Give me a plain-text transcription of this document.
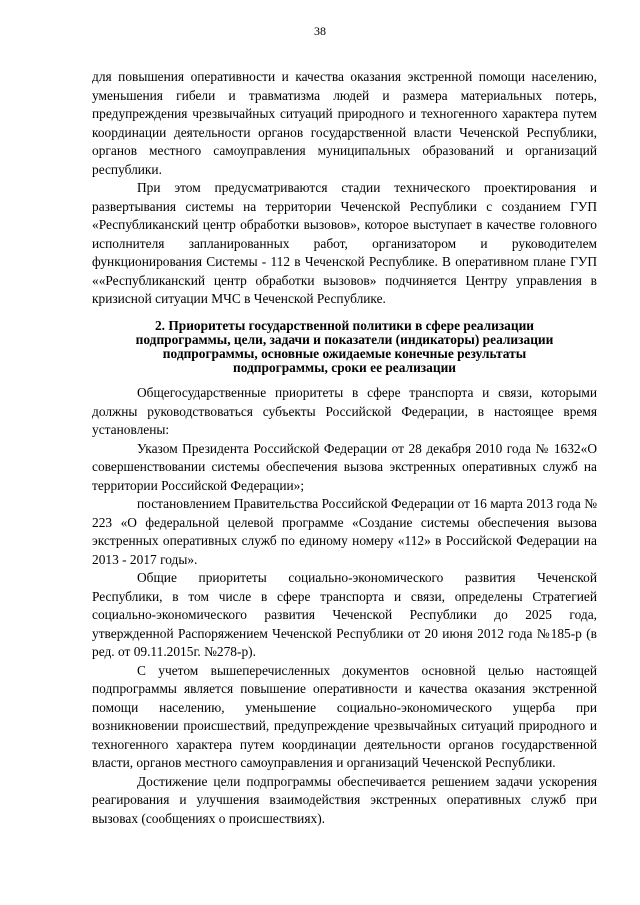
38

для повышения оперативности и качества оказания экстренной помощи населению, уменьшения гибели и травматизма людей и размера материальных потерь, предупреждения чрезвычайных ситуаций природного и техногенного характера путем координации деятельности органов государственной власти Чеченской Республики, органов местного самоуправления муниципальных образований и организаций республики.

При этом предусматриваются стадии технического проектирования и развертывания системы на территории Чеченской Республики с созданием ГУП «Республиканский центр обработки вызовов», которое выступает в качестве головного исполнителя запланированных работ, организатором и руководителем функционирования Системы - 112 в Чеченской Республике. В оперативном плане ГУП ««Республиканский центр обработки вызовов» подчиняется Центру управления в кризисной ситуации МЧС в Чеченской Республике.

2. Приоритеты государственной политики в сфере реализации
подпрограммы, цели, задачи и показатели (индикаторы) реализации
подпрограммы, основные ожидаемые конечные результаты
подпрограммы, сроки ее реализации

Общегосударственные приоритеты в сфере транспорта и связи, которыми должны руководствоваться субъекты Российской Федерации, в настоящее время установлены:

Указом Президента Российской Федерации от 28 декабря 2010 года № 1632«О совершенствовании системы обеспечения вызова экстренных оперативных служб на территории Российской Федерации»;

постановлением Правительства Российской Федерации от 16 марта 2013 года № 223 «О федеральной целевой программе «Создание системы обеспечения вызова экстренных оперативных служб по единому номеру «112» в Российской Федерации на 2013 - 2017 годы».

Общие приоритеты социально-экономического развития Чеченской Республики, в том числе в сфере транспорта и связи, определены Стратегией социально-экономического развития Чеченской Республики до 2025 года, утвержденной Распоряжением Чеченской Республики от 20 июня 2012 года №185-р (в ред. от 09.11.2015г. №278-р).

С учетом вышеперечисленных документов основной целью настоящей подпрограммы является повышение оперативности и качества оказания экстренной помощи населению, уменьшение социально-экономического ущерба при возникновении происшествий, предупреждение чрезвычайных ситуаций природного и техногенного характера путем координации деятельности органов государственной власти, органов местного самоуправления и организаций Чеченской Республики.

Достижение цели подпрограммы обеспечивается решением задачи ускорения реагирования и улучшения взаимодействия экстренных оперативных служб при вызовах (сообщениях о происшествиях).
